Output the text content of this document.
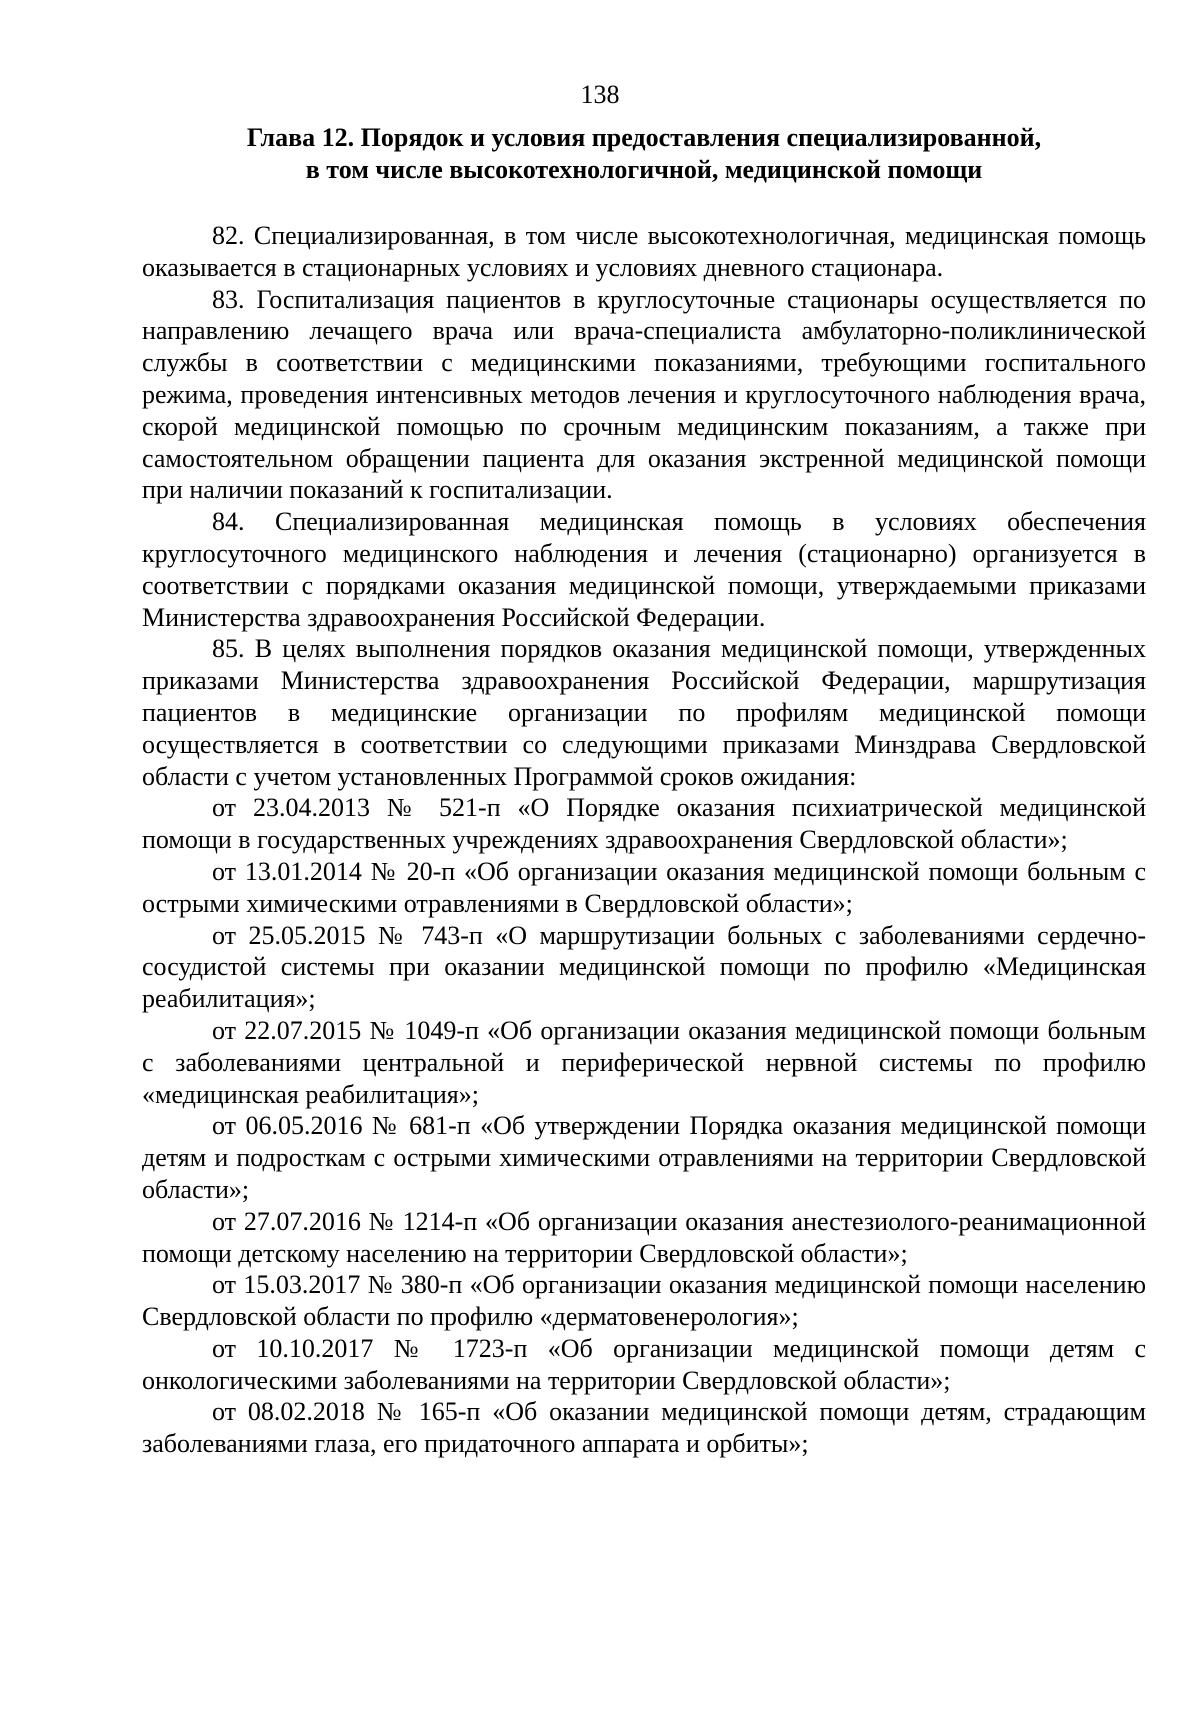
138
Глава 12. Порядок и условия предоставления специализированной,
в том числе высокотехнологичной, медицинской помощи

82. Специализированная, в том числе высокотехнологичная, медицинская помощь оказывается в стационарных условиях и условиях дневного стационара.

83. Госпитализация пациентов в круглосуточные стационары осуществляется по направлению лечащего врача или врача-специалиста амбулаторно-поликлинической службы в соответствии с медицинскими показаниями, требующими госпитального режима, проведения интенсивных методов лечения и круглосуточного наблюдения врача, скорой медицинской помощью по срочным медицинским показаниям, а также при самостоятельном обращении пациента для оказания экстренной медицинской помощи при наличии показаний к госпитализации.

84. Специализированная медицинская помощь в условиях обеспечения круглосуточного медицинского наблюдения и лечения (стационарно) организуется в соответствии с порядками оказания медицинской помощи, утверждаемыми приказами Министерства здравоохранения Российской Федерации.

85. В целях выполнения порядков оказания медицинской помощи, утвержденных приказами Министерства здравоохранения Российской Федерации, маршрутизация пациентов в медицинские организации по профилям медицинской помощи осуществляется в соответствии со следующими приказами Минздрава Свердловской области с учетом установленных Программой сроков ожидания:

от 23.04.2013 № 521-п «О Порядке оказания психиатрической медицинской помощи в государственных учреждениях здравоохранения Свердловской области»;

от 13.01.2014 № 20-п «Об организации оказания медицинской помощи больным с острыми химическими отравлениями в Свердловской области»;

от 25.05.2015 № 743-п «О маршрутизации больных с заболеваниями сердечно-сосудистой системы при оказании медицинской помощи по профилю «Медицинская реабилитация»;

от 22.07.2015 № 1049-п «Об организации оказания медицинской помощи больным с заболеваниями центральной и периферической нервной системы по профилю «медицинская реабилитация»;

от 06.05.2016 № 681-п «Об утверждении Порядка оказания медицинской помощи детям и подросткам с острыми химическими отравлениями на территории Свердловской области»;

от 27.07.2016 № 1214-п «Об организации оказания анестезиолого-реанимационной помощи детскому населению на территории Свердловской области»;

от 15.03.2017 № 380-п «Об организации оказания медицинской помощи населению Свердловской области по профилю «дерматовенерология»;

от 10.10.2017 № 1723-п «Об организации медицинской помощи детям с онкологическими заболеваниями на территории Свердловской области»;

от 08.02.2018 № 165-п «Об оказании медицинской помощи детям, страдающим заболеваниями глаза, его придаточного аппарата и орбиты»;
